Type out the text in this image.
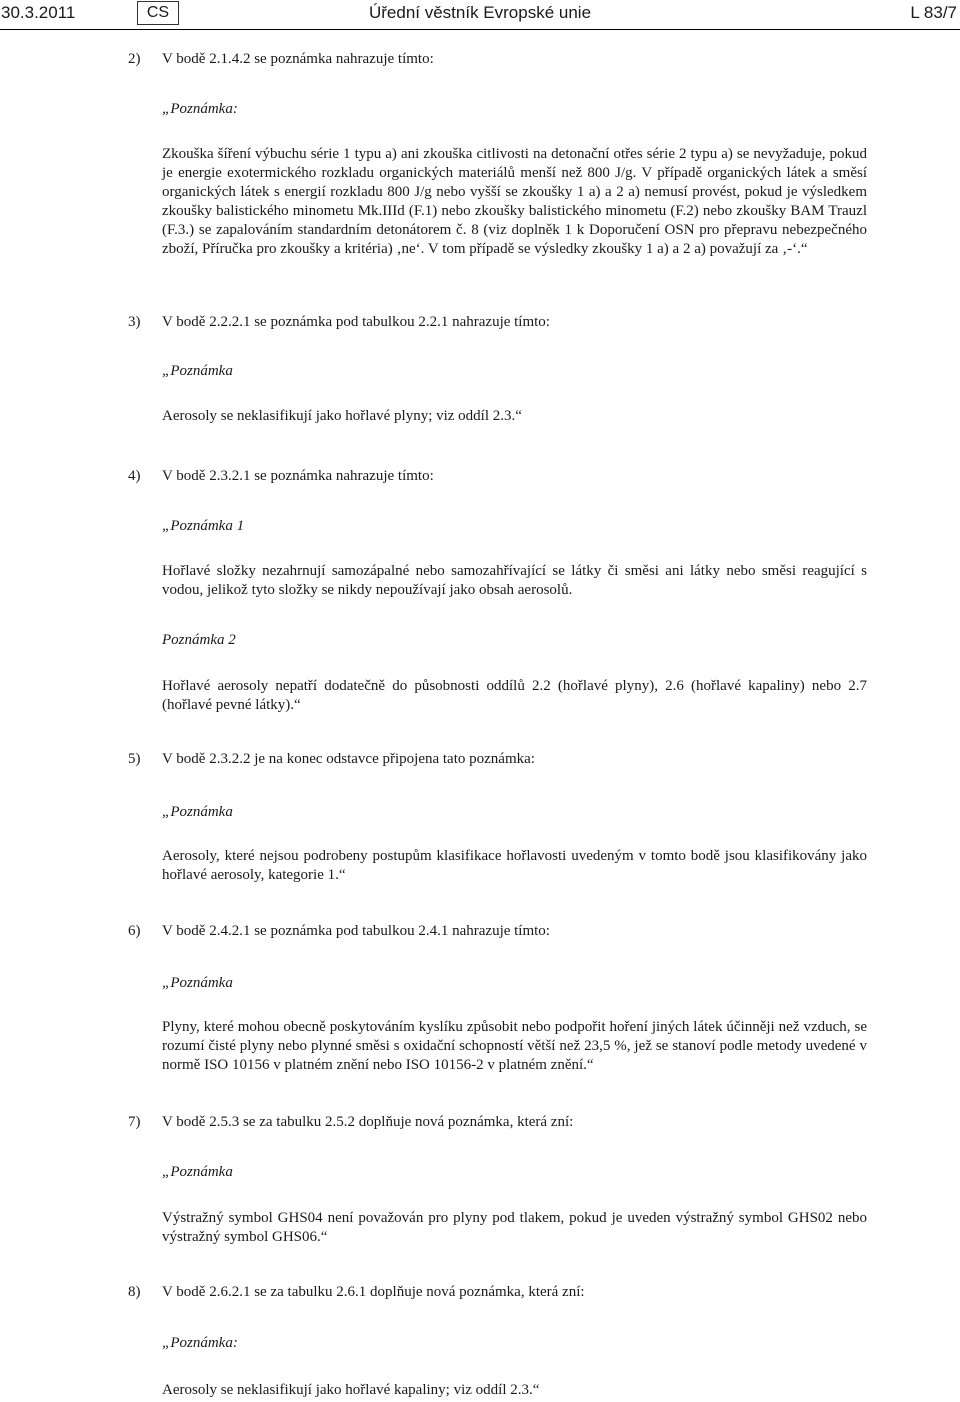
30.3.2011	CS	Úřední věstník Evropské unie	L 83/7
2)	V bodě 2.1.4.2 se poznámka nahrazuje tímto:
„Poznámka:
Zkouška šíření výbuchu série 1 typu a) ani zkouška citlivosti na detonační otřes série 2 typu a) se nevyžaduje, pokud je energie exotermického rozkladu organických materiálů menší než 800 J/g. V případě organických látek a směsí organických látek s energií rozkladu 800 J/g nebo vyšší se zkoušky 1 a) a 2 a) nemusí provést, pokud je výsledkem zkoušky balistického minometu Mk.IIId (F.1) nebo zkoušky balistického minometu (F.2) nebo zkoušky BAM Trauzl (F.3.) se zapalováním standardním detonátorem č. 8 (viz doplněk 1 k Doporučení OSN pro přepravu nebezpečného zboží, Příručka pro zkoušky a kritéria) ‚ne‘. V tom případě se výsledky zkoušky 1 a) a 2 a) považují za ‚-‘.“
3)	V bodě 2.2.2.1 se poznámka pod tabulkou 2.2.1 nahrazuje tímto:
„Poznámka
Aerosoly se neklasifikují jako hořlavé plyny; viz oddíl 2.3.“
4)	V bodě 2.3.2.1 se poznámka nahrazuje tímto:
„Poznámka 1
Hořlavé složky nezahrnují samozápalné nebo samozahřívající se látky či směsi ani látky nebo směsi reagující s vodou, jelikož tyto složky se nikdy nepoužívají jako obsah aerosolů.
Poznámka 2
Hořlavé aerosoly nepatří dodatečně do působnosti oddílů 2.2 (hořlavé plyny), 2.6 (hořlavé kapaliny) nebo 2.7 (hořlavé pevné látky).“
5)	V bodě 2.3.2.2 je na konec odstavce připojena tato poznámka:
„Poznámka
Aerosoly, které nejsou podrobeny postupům klasifikace hořlavosti uvedeným v tomto bodě jsou klasifikovány jako hořlavé aerosoly, kategorie 1.“
6)	V bodě 2.4.2.1 se poznámka pod tabulkou 2.4.1 nahrazuje tímto:
„Poznámka
Plyny, které mohou obecně poskytováním kyslíku způsobit nebo podpořit hoření jiných látek účinněji než vzduch, se rozumí čisté plyny nebo plynné směsi s oxidační schopností větší než 23,5 %, jež se stanoví podle metody uvedené v normě ISO 10156 v platném znění nebo ISO 10156-2 v platném znění.“
7)	V bodě 2.5.3 se za tabulku 2.5.2 doplňuje nová poznámka, která zní:
„Poznámka
Výstražný symbol GHS04 není považován pro plyny pod tlakem, pokud je uveden výstražný symbol GHS02 nebo výstražný symbol GHS06.“
8)	V bodě 2.6.2.1 se za tabulku 2.6.1 doplňuje nová poznámka, která zní:
„Poznámka:
Aerosoly se neklasifikují jako hořlavé kapaliny; viz oddíl 2.3.“
